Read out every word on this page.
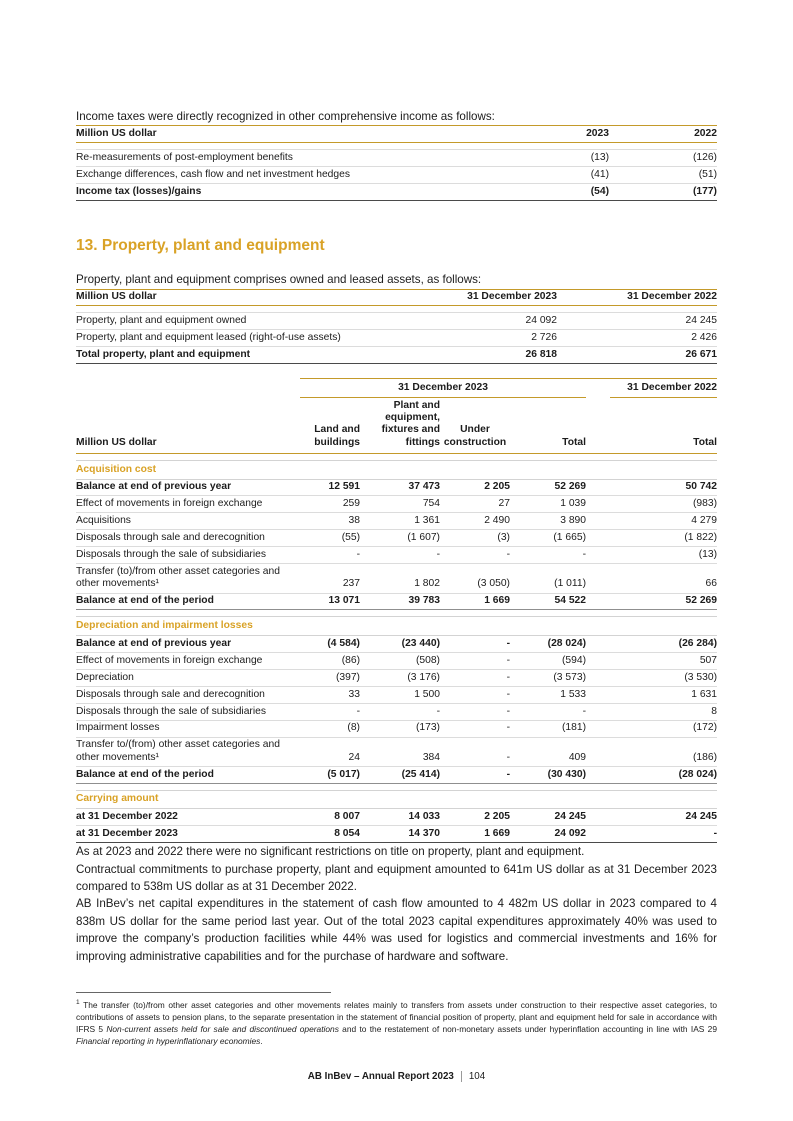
Income taxes were directly recognized in other comprehensive income as follows:

Million US dollar	2023	2022

Re-measurements of post-employment benefits	(13)	(126)
Exchange differences, cash flow and net investment hedges	(41)	(51)
Income tax (losses)/gains	(54)	(177)
13. Property, plant and equipment

Property, plant and equipment comprises owned and leased assets, as follows:

Million US dollar	31 December 2023	31 December 2022

Property, plant and equipment owned	24 092	24 245
Property, plant and equipment leased (right-of-use assets)	2 726	2 426
Total property, plant and equipment	26 818	26 671
	31 December 2023					31 December 2022
Million US dollar	Land and buildings	Plant and equipment, fixtures and fittings	Under construction	Total		Total

Acquisition cost						
Balance at end of previous year	12 591	37 473	2 205	52 269		50 742
Effect of movements in foreign exchange	259	754	27	1 039		(983)
Acquisitions	38	1 361	2 490	3 890		4 279
Disposals through sale and derecognition	(55)	(1 607)	(3)	(1 665)		(1 822)
Disposals through the sale of subsidiaries	-	-	-	-		(13)
Transfer (to)/from other asset categories and other movements¹	237	1 802	(3 050)	(1 011)		66
Balance at end of the period	13 071	39 783	1 669	54 522		52 269

Depreciation and impairment losses						
Balance at end of previous year	(4 584)	(23 440)	-	(28 024)		(26 284)
Effect of movements in foreign exchange	(86)	(508)	-	(594)		507
Depreciation	(397)	(3 176)	-	(3 573)		(3 530)
Disposals through sale and derecognition	33	1 500	-	1 533		1 631
Disposals through the sale of subsidiaries	-	-	-	-		8
Impairment losses	(8)	(173)	-	(181)		(172)
Transfer to/(from) other asset categories and other movements¹	24	384	-	409		(186)
Balance at end of the period	(5 017)	(25 414)	-	(30 430)		(28 024)

Carrying amount						
at 31 December 2022	8 007	14 033	2 205	24 245		24 245
at 31 December 2023	8 054	14 370	1 669	24 092		-

As at 2023 and 2022 there were no significant restrictions on title on property, plant and equipment.

Contractual commitments to purchase property, plant and equipment amounted to 641m US dollar as at 31 December 2023 compared to 538m US dollar as at 31 December 2022.

AB InBev’s net capital expenditures in the statement of cash flow amounted to 4 482m US dollar in 2023 compared to 4 838m US dollar for the same period last year. Out of the total 2023 capital expenditures approximately 40% was used to improve the company’s production facilities while 44% was used for logistics and commercial investments and 16% for improving administrative capabilities and for the purchase of hardware and software.

$^1$ The transfer (to)/from other asset categories and other movements relates mainly to transfers from assets under construction to their respective asset categories, to contributions of assets to pension plans, to the separate presentation in the statement of financial position of property, plant and equipment held for sale in accordance with IFRS 5 Non-current assets held for sale and discontinued operations and to the restatement of non-monetary assets under hyperinflation accounting in line with IAS 29 Financial reporting in hyperinflationary economies.

AB InBev – Annual Report 2023 104
